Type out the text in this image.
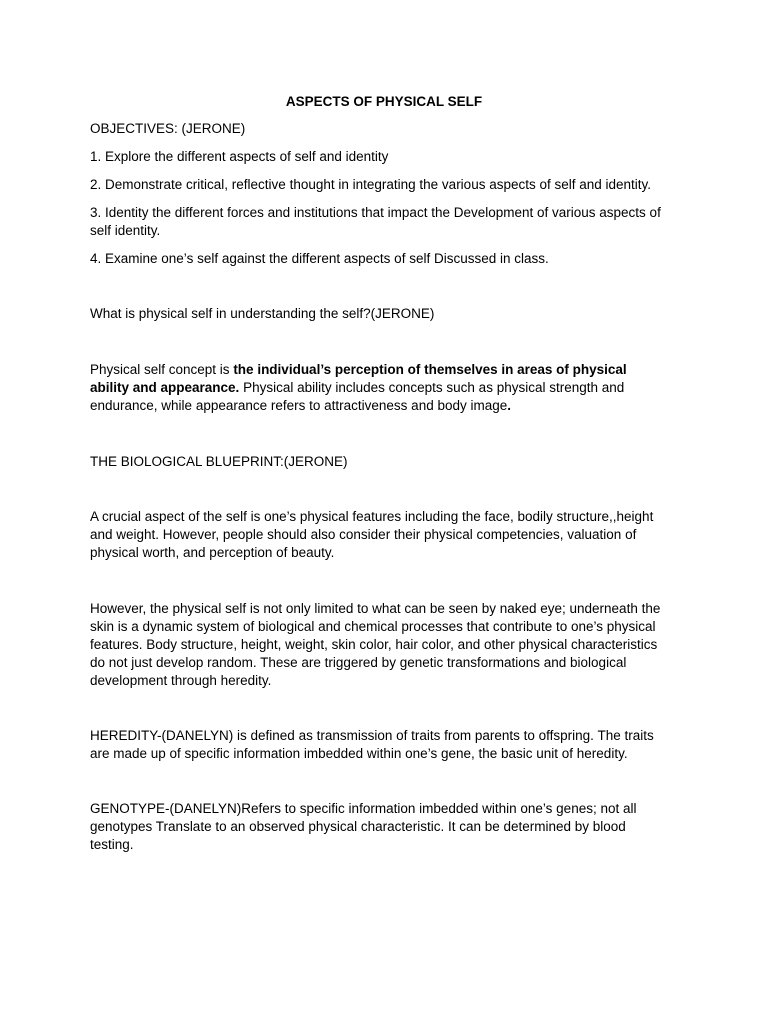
ASPECTS OF PHYSICAL SELF
OBJECTIVES: (JERONE)
1. Explore the different aspects of self and identity
2. Demonstrate critical, reflective thought in integrating the various aspects of self and identity.
3. Identity the different forces and institutions that impact the Development of various aspects of
self identity.
4. Examine one’s self against the different aspects of self Discussed in class.
What is physical self in understanding the self?(JERONE)
Physical self concept is the individual’s perception of themselves in areas of physical
ability and appearance. Physical ability includes concepts such as physical strength and
endurance, while appearance refers to attractiveness and body image.
THE BIOLOGICAL BLUEPRINT:(JERONE)
A crucial aspect of the self is one’s physical features including the face, bodily structure,,height
and weight. However, people should also consider their physical competencies, valuation of
physical worth, and perception of beauty.
However, the physical self is not only limited to what can be seen by naked eye; underneath the
skin is a dynamic system of biological and chemical processes that contribute to one’s physical
features. Body structure, height, weight, skin color, hair color, and other physical characteristics
do not just develop random. These are triggered by genetic transformations and biological
development through heredity.
HEREDITY-(DANELYN) is defined as transmission of traits from parents to offspring. The traits
are made up of specific information imbedded within one’s gene, the basic unit of heredity.
GENOTYPE-(DANELYN)Refers to specific information imbedded within one’s genes; not all
genotypes Translate to an observed physical characteristic. It can be determined by blood
testing.
